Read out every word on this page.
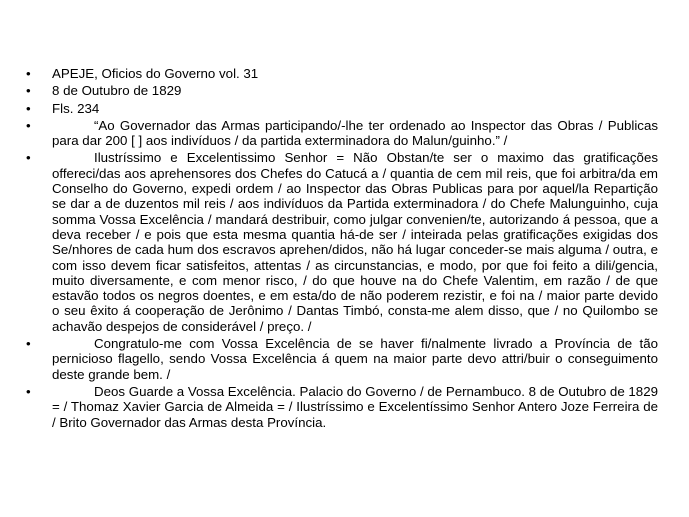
• APEJE, Oficios do Governo vol. 31
• 8 de Outubro de 1829
• Fls. 234
•	“Ao Governador das Armas participando/-lhe ter ordenado ao Inspector das Obras / Publicas para dar 200 [ ] aos indivíduos / da partida exterminadora do Malun/guinho.” /
•	Ilustríssimo e Excelentissimo Senhor = Não Obstan/te ser o maximo das gratificações offereci/das aos aprehensores dos Chefes do Catucá a / quantia de cem mil reis, que foi arbitra/da em Conselho do Governo, expedi ordem / ao Inspector das Obras Publicas para por aquel/la Repartição se dar a de duzentos mil reis / aos indivíduos da Partida exterminadora / do Chefe Malunguinho, cuja somma Vossa Excelência / mandará destribuir, como julgar convenien/te, autorizando á pessoa, que a deva receber / e pois que esta mesma quantia há-de ser / inteirada pelas gratificações exigidas dos Se/nhores de cada hum dos escravos aprehen/didos, não há lugar conceder-se mais alguma / outra, e com isso devem ficar satisfeitos, attentas / as circunstancias, e modo, por que foi feito a dili/gencia, muito diversamente, e com menor risco, / do que houve na do Chefe Valentim, em razão / de que estavão todos os negros doentes, e em esta/do de não poderem rezistir, e foi na / maior parte devido o seu êxito á cooperação de Jerônimo / Dantas Timbó, consta-me alem disso, que / no Quilombo se achavão despejos de considerável / preço. /
•	Congratulo-me com Vossa Excelência de se haver fi/nalmente livrado a Província de tão pernicioso flagello, sendo Vossa Excelência á quem na maior parte devo attri/buir o conseguimento deste grande bem. /
•	Deos Guarde a Vossa Excelência. Palacio do Governo / de Pernambuco. 8 de Outubro de 1829 = / Thomaz Xavier Garcia de Almeida = / Ilustríssimo e Excelentíssimo Senhor Antero Joze Ferreira de / Brito Governador das Armas desta Província.
